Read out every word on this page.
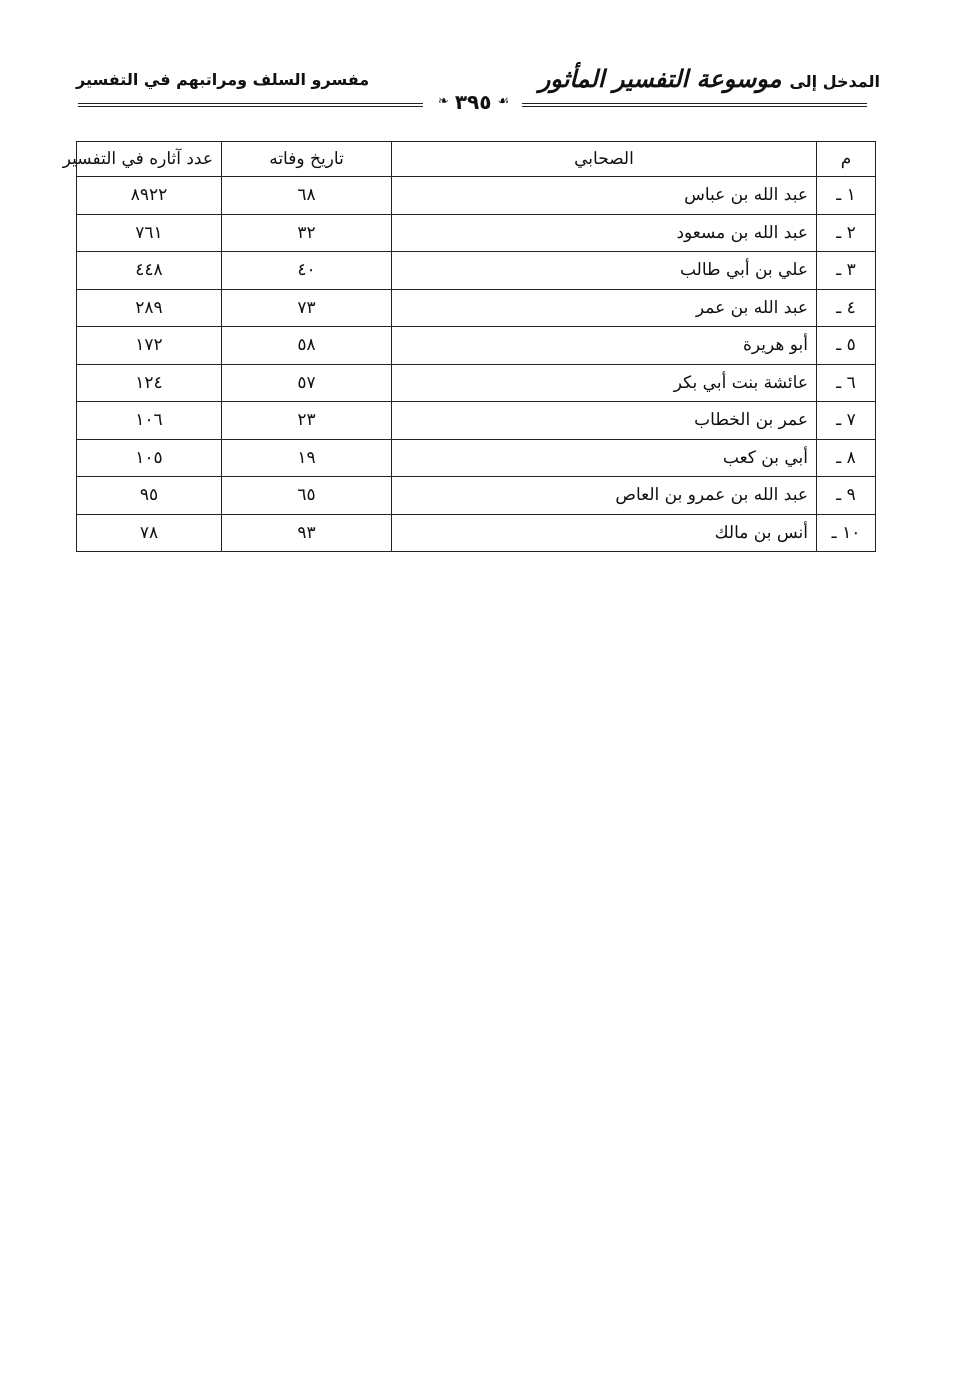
المدخل إلى
موسوعة التفسير المأثور
مفسرو السلف ومراتبهم في التفسير
❧ ٣٩٥ ☙
م	الصحابي	تاريخ وفاته	عدد آثاره في التفسير
١ ـ	عبد الله بن عباس	٦٨	٨٩٢٢
٢ ـ	عبد الله بن مسعود	٣٢	٧٦١
٣ ـ	علي بن أبي طالب	٤٠	٤٤٨
٤ ـ	عبد الله بن عمر	٧٣	٢٨٩
٥ ـ	أبو هريرة	٥٨	١٧٢
٦ ـ	عائشة بنت أبي بكر	٥٧	١٢٤
٧ ـ	عمر بن الخطاب	٢٣	١٠٦
٨ ـ	أبي بن كعب	١٩	١٠٥
٩ ـ	عبد الله بن عمرو بن العاص	٦٥	٩٥
١٠ ـ	أنس بن مالك	٩٣	٧٨
